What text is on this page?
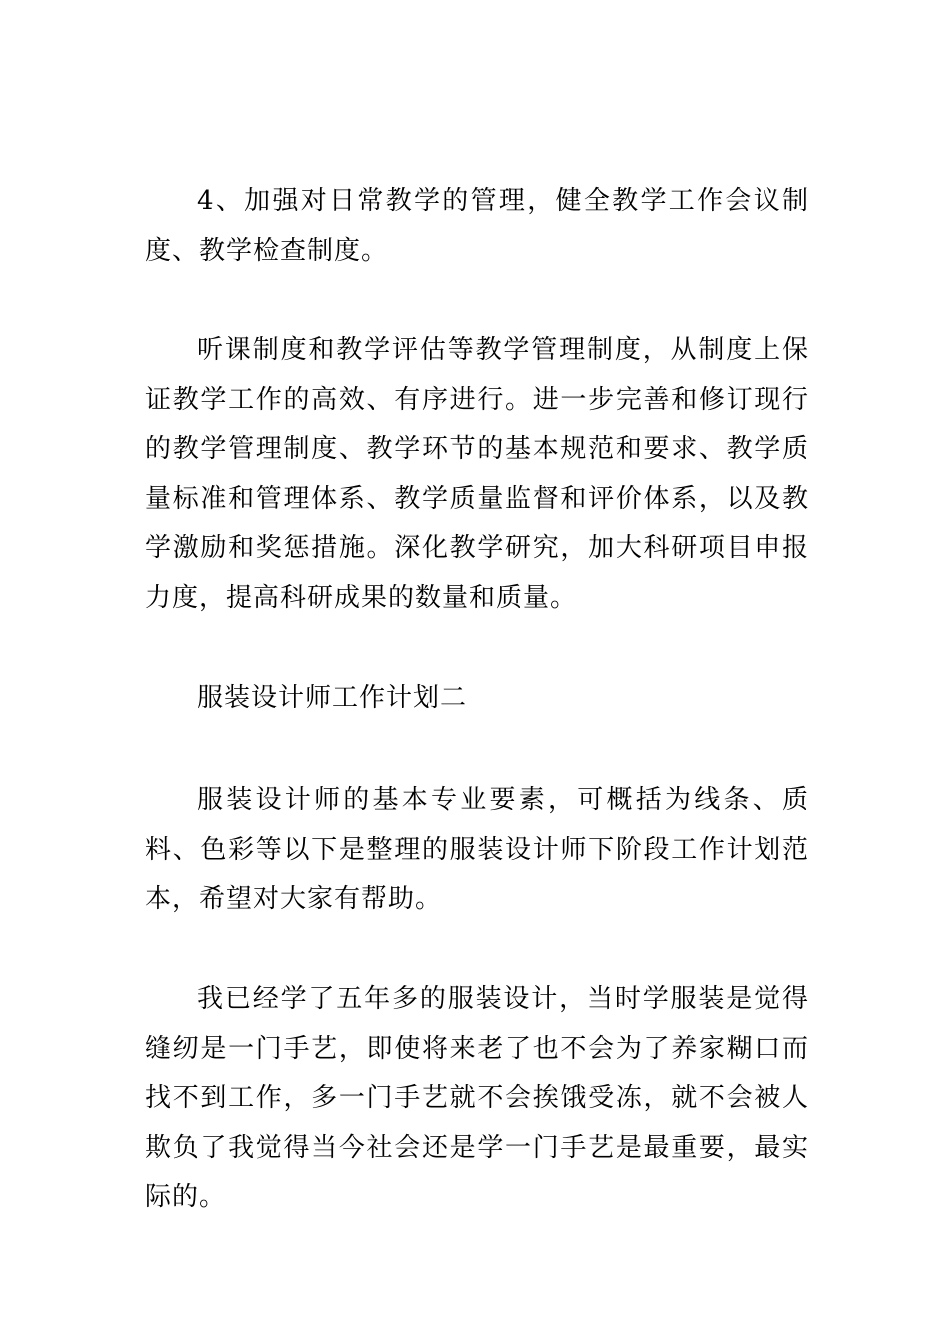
4、加强对日常教学的管理，健全教学工作会议制度、教学检查制度。

听课制度和教学评估等教学管理制度，从制度上保证教学工作的高效、有序进行。进一步完善和修订现行的教学管理制度、教学环节的基本规范和要求、教学质量标准和管理体系、教学质量监督和评价体系，以及教学激励和奖惩措施。深化教学研究，加大科研项目申报力度，提高科研成果的数量和质量。

服装设计师工作计划二

服装设计师的基本专业要素，可概括为线条、质料、色彩等以下是整理的服装设计师下阶段工作计划范本，希望对大家有帮助。

我已经学了五年多的服装设计，当时学服装是觉得缝纫是一门手艺，即使将来老了也不会为了养家糊口而找不到工作，多一门手艺就不会挨饿受冻，就不会被人欺负了我觉得当今社会还是学一门手艺是最重要，最实际的。
